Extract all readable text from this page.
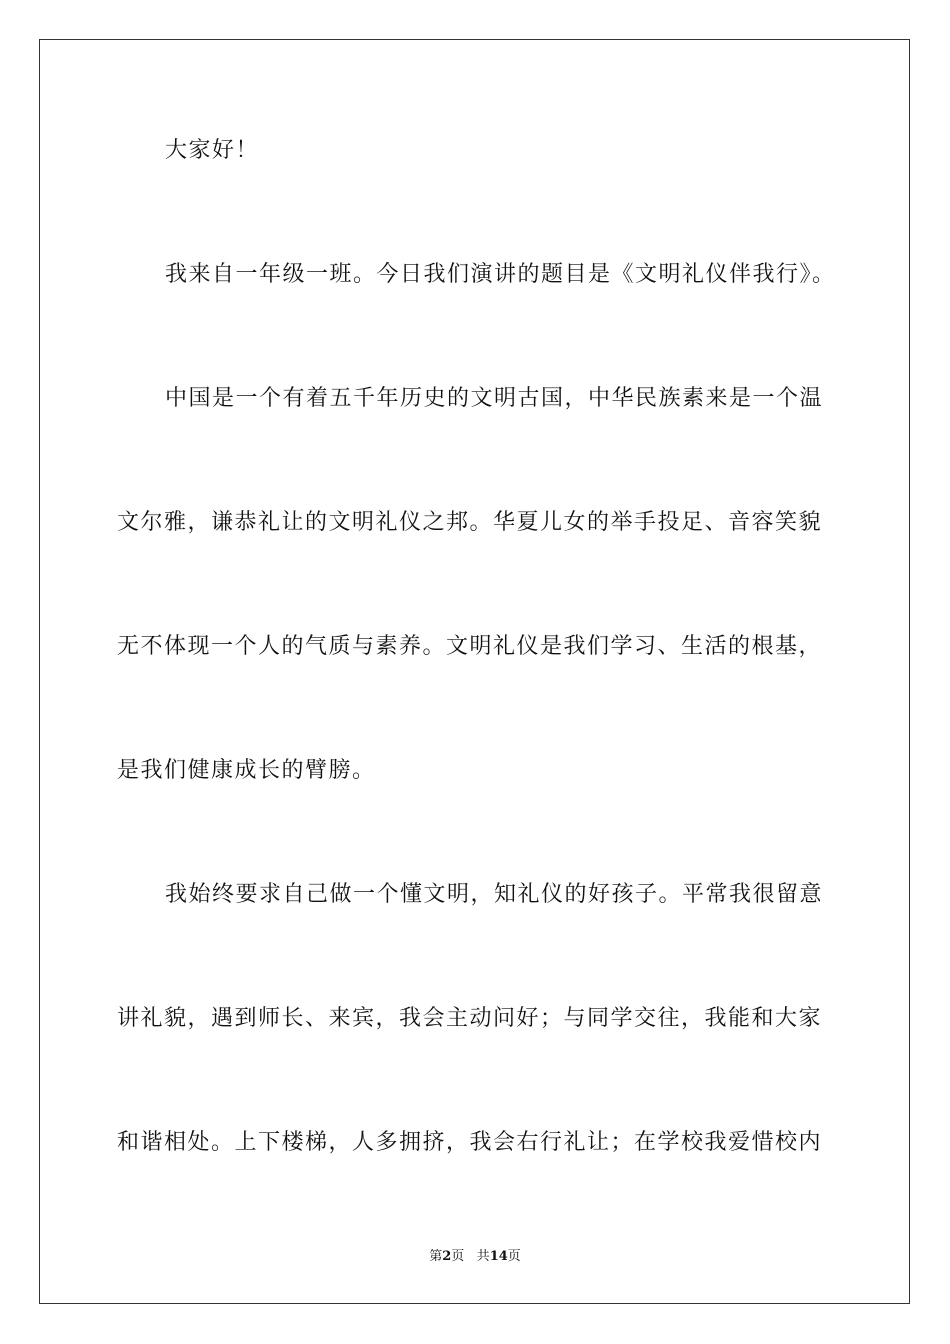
大家好！
我来自一年级一班。今日我们演讲的题目是《文明礼仪伴我行》。
中国是一个有着五千年历史的文明古国，中华民族素来是一个温
文尔雅，谦恭礼让的文明礼仪之邦。华夏儿女的举手投足、音容笑貌
无不体现一个人的气质与素养。文明礼仪是我们学习、生活的根基，
是我们健康成长的臂膀。
我始终要求自己做一个懂文明，知礼仪的好孩子。平常我很留意
讲礼貌，遇到师长、来宾，我会主动问好；与同学交往，我能和大家
和谐相处。上下楼梯，人多拥挤，我会右行礼让；在学校我爱惜校内
第2页 共14页
